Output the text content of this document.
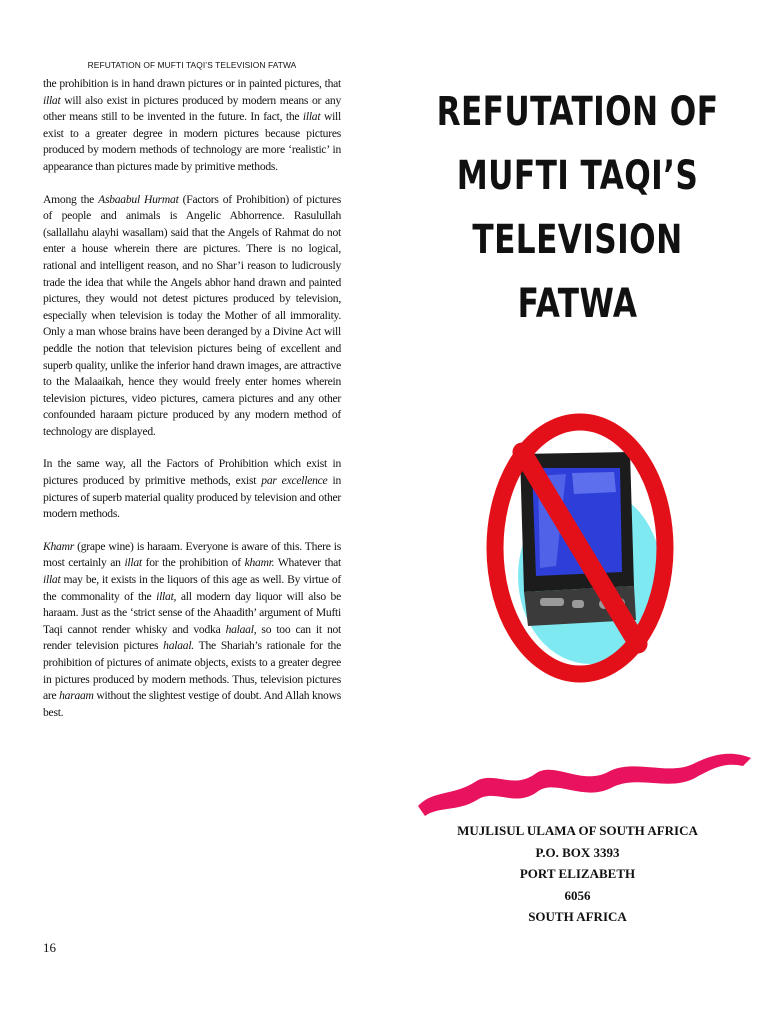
REFUTATION OF MUFTI TAQI’S TELEVISION FATWA

the prohibition is in hand drawn pictures or in painted pictures, that illat will also exist in pictures produced by modern means or any other means still to be invented in the future. In fact, the illat will exist to a greater degree in modern pictures because pictures produced by modern methods of technology are more ‘realistic’ in appearance than pictures made by primitive methods.

Among the Asbaabul Hurmat (Factors of Prohibition) of pictures of people and animals is Angelic Abhorrence. Rasulullah (sallallahu alayhi wasallam) said that the Angels of Rahmat do not enter a house wherein there are pictures. There is no logical, rational and intelligent reason, and no Shar’i reason to ludicrously trade the idea that while the Angels abhor hand drawn and painted pictures, they would not detest pictures produced by television, especially when television is today the Mother of all immorality. Only a man whose brains have been deranged by a Divine Act will peddle the notion that television pictures being of excellent and superb quality, unlike the inferior hand drawn images, are attractive to the Malaaikah, hence they would freely enter homes wherein television pictures, video pictures, camera pictures and any other confounded haraam picture produced by any modern method of technology are displayed.

In the same way, all the Factors of Prohibition which exist in pictures produced by primitive methods, exist par excellence in pictures of superb material quality produced by television and other modern methods.

Khamr (grape wine) is haraam. Everyone is aware of this. There is most certainly an illat for the prohibition of khamr. Whatever that illat may be, it exists in the liquors of this age as well. By virtue of the commonality of the illat, all modern day liquor will also be haraam. Just as the ‘strict sense of the Ahaadith’ argument of Mufti Taqi cannot render whisky and vodka halaal, so too can it not render television pictures halaal. The Shariah’s rationale for the prohibition of pictures of animate objects, exists to a greater degree in pictures produced by modern methods. Thus, television pictures are haraam without the slightest vestige of doubt. And Allah knows best.

16
REFUTATION OF
MUFTI TAQI’S
TELEVISION
FATWA
MUJLISUL ULAMA OF SOUTH AFRICA
P.O. BOX 3393
PORT ELIZABETH
6056
SOUTH AFRICA
